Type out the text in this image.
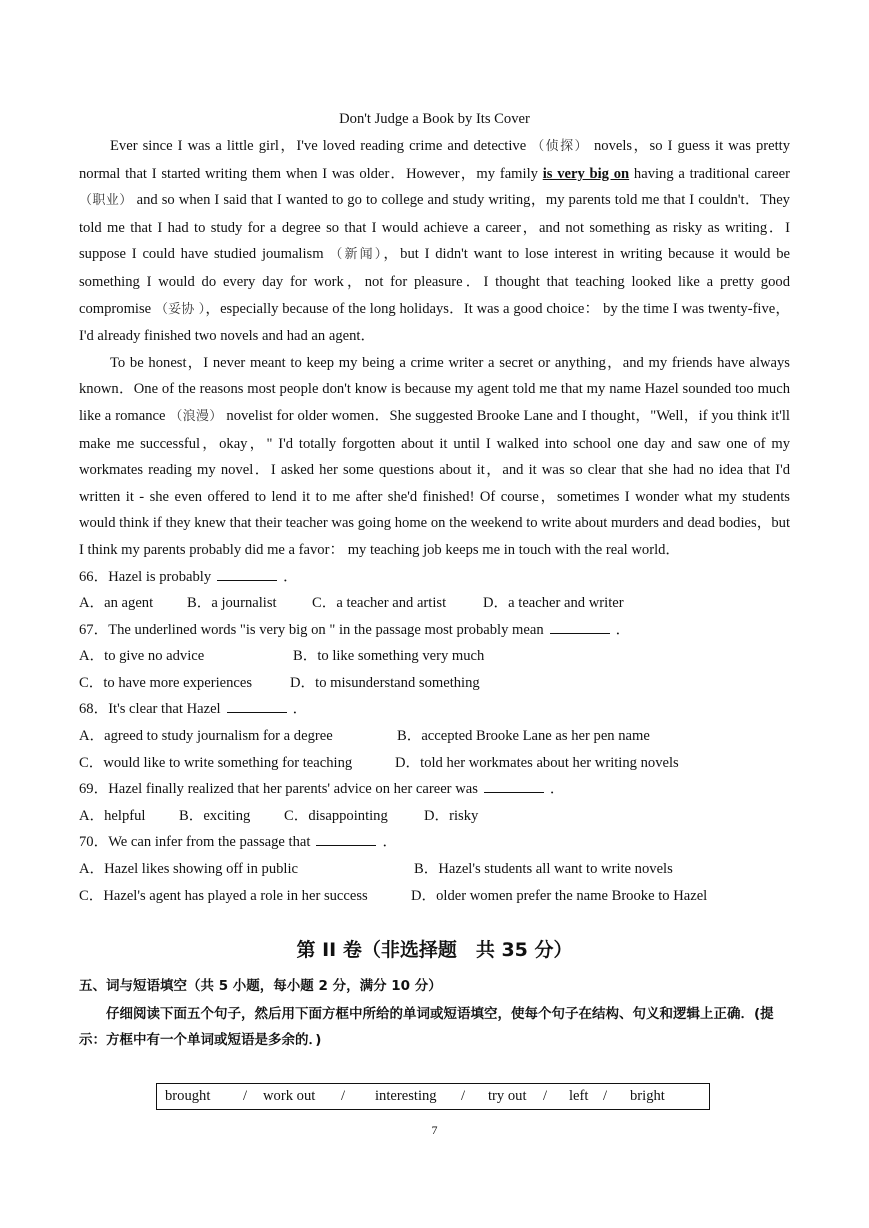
Don't Judge a Book by Its Cover

Ever since I was a little girl，I've loved reading crime and detective （侦探） novels，so I guess it was pretty normal that I started writing them when I was older．However，my family is very big on having a traditional career （职业） and so when I said that I wanted to go to college and study writing，my parents told me that I couldn't．They told me that I had to study for a degree so that I would achieve a career，and not something as risky as writing．I suppose I could have studied joumalism （新闻），but I didn't want to lose interest in writing because it would be something I would do every day for work，not for pleasure．I thought that teaching looked like a pretty good compromise （妥协 ），especially because of the long holidays．It was a good choice： by the time I was twenty-five，I'd already finished two novels and had an agent．

To be honest，I never meant to keep my being a crime writer a secret or anything，and my friends have always known．One of the reasons most people don't know is because my agent told me that my name Hazel sounded too much like a romance （浪漫） novelist for older women．She suggested Brooke Lane and I thought，"Well，if you think it'll make me successful，okay，" I'd totally forgotten about it until I walked into school one day and saw one of my workmates reading my novel．I asked her some questions about it，and it was so clear that she had no idea that I'd written it - she even offered to lend it to me after she'd finished! Of course，sometimes I wonder what my students would think if they knew that their teacher was going home on the weekend to write about murders and dead bodies，but I think my parents probably did me a favor： my teaching job keeps me in touch with the real world．

66．Hazel is probably	．

A．an agent	B．a journalist	C．a teacher and artist	D．a teacher and writer

67．The underlined words "is very big on " in the passage most probably mean	．

A．to give no advice	B．to like something very much
C．to have more experiences	D．to misunderstand something

68．It's clear that Hazel	．

A．agreed to study journalism for a degree	B．accepted Brooke Lane as her pen name
C．would like to write something for teaching	D．told her workmates about her writing novels

69．Hazel finally realized that her parents' advice on her career was	．

A．helpful	B．exciting	C．disappointing	D．risky

70．We can infer from the passage that	．

A．Hazel likes showing off in public	B．Hazel's students all want to write novels
C．Hazel's agent has played a role in her success	D．older women prefer the name Brooke to Hazel
第 II 卷（非选择题　共 35 分）
五、词与短语填空（共 5 小题，每小题 2 分，满分 10 分）

仔细阅读下面五个句子，然后用下面方框中所给的单词或短语填空，使每个句子在结构、句义和逻辑上正确．(提示：方框中有一个单词或短语是多余的．)

brought	/	work out	/	interesting	/	try out	/	left /	bright
7
